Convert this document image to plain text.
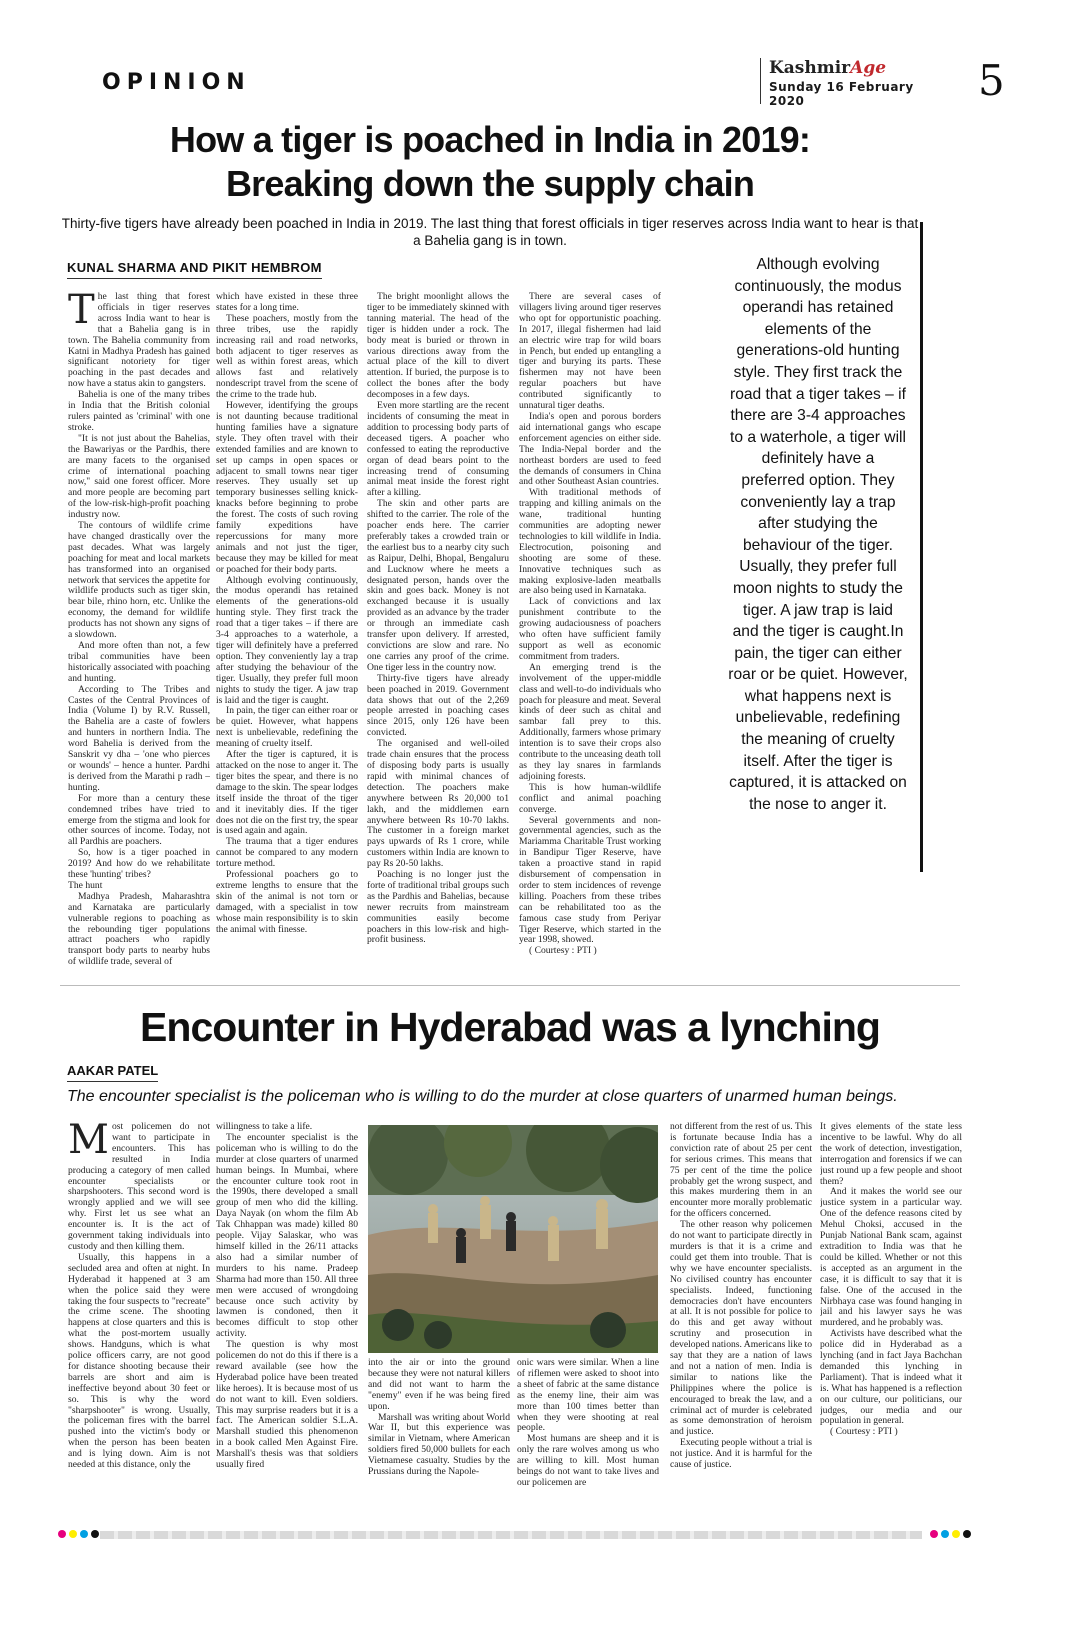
OPINION
KashmirAge
Sunday 16 February 2020	5
How a tiger is poached in India in 2019:
Breaking down the supply chain
Thirty-five tigers have already been poached in India in 2019. The last thing that forest officials in tiger reserves across India want to hear is that a Bahelia gang is in town.
KUNAL SHARMA AND PIKIT HEMBROM

The last thing that forest officials in tiger reserves across India want to hear is that a Bahelia gang is in town. The Bahelia community from Katni in Madhya Pradesh has gained significant notoriety for tiger poaching in the past decades and now have a status akin to gangsters.

Bahelia is one of the many tribes in India that the British colonial rulers painted as 'criminal' with one stroke.

"It is not just about the Bahelias, the Bawariyas or the Pardhis, there are many facets to the organised crime of international poaching now," said one forest officer. More and more people are becoming part of the low-risk-high-profit poaching industry now.

The contours of wildlife crime have changed drastically over the past decades. What was largely poaching for meat and local markets has transformed into an organised network that services the appetite for wildlife products such as tiger skin, bear bile, rhino horn, etc. Unlike the economy, the demand for wildlife products has not shown any signs of a slowdown.

And more often than not, a few tribal communities have been historically associated with poaching and hunting.

According to The Tribes and Castes of the Central Provinces of India (Volume I) by R.V. Russell, the Bahelia are a caste of fowlers and hunters in northern India. The word Bahelia is derived from the Sanskrit vy dha – 'one who pierces or wounds' – hence a hunter. Pardhi is derived from the Marathi p radh – hunting.

For more than a century these condemned tribes have tried to emerge from the stigma and look for other sources of income. Today, not all Pardhis are poachers.

So, how is a tiger poached in 2019? And how do we rehabilitate these 'hunting' tribes?

The hunt

Madhya Pradesh, Maharashtra and Karnataka are particularly vulnerable regions to poaching as the rebounding tiger populations attract poachers who rapidly transport body parts to nearby hubs of wildlife trade, several of

which have existed in these three states for a long time.

These poachers, mostly from the three tribes, use the rapidly increasing rail and road networks, both adjacent to tiger reserves as well as within forest areas, which allows fast and relatively nondescript travel from the scene of the crime to the trade hub.

However, identifying the groups is not daunting because traditional hunting families have a signature style. They often travel with their extended families and are known to set up camps in open spaces or adjacent to small towns near tiger reserves. They usually set up temporary businesses selling knick-knacks before beginning to probe the forest. The costs of such roving family expeditions have repercussions for many more animals and not just the tiger, because they may be killed for meat or poached for their body parts.

Although evolving continuously, the modus operandi has retained elements of the generations-old hunting style. They first track the road that a tiger takes – if there are 3-4 approaches to a waterhole, a tiger will definitely have a preferred option. They conveniently lay a trap after studying the behaviour of the tiger. Usually, they prefer full moon nights to study the tiger. A jaw trap is laid and the tiger is caught.

In pain, the tiger can either roar or be quiet. However, what happens next is unbelievable, redefining the meaning of cruelty itself.

After the tiger is captured, it is attacked on the nose to anger it. The tiger bites the spear, and there is no damage to the skin. The spear lodges itself inside the throat of the tiger and it inevitably dies. If the tiger does not die on the first try, the spear is used again and again.

The trauma that a tiger endures cannot be compared to any modern torture method.

Professional poachers go to extreme lengths to ensure that the skin of the animal is not torn or damaged, with a specialist in tow whose main responsibility is to skin the animal with finesse.

The bright moonlight allows the tiger to be immediately skinned with tanning material. The head of the tiger is hidden under a rock. The body meat is buried or thrown in various directions away from the actual place of the kill to divert attention. If buried, the purpose is to collect the bones after the body decomposes in a few days.

Even more startling are the recent incidents of consuming the meat in addition to processing body parts of deceased tigers. A poacher who confessed to eating the reproductive organ of dead bears point to the increasing trend of consuming animal meat inside the forest right after a killing.

The skin and other parts are shifted to the carrier. The role of the poacher ends here. The carrier preferably takes a crowded train or the earliest bus to a nearby city such as Raipur, Delhi, Bhopal, Bengaluru and Lucknow where he meets a designated person, hands over the skin and goes back. Money is not exchanged because it is usually provided as an advance by the trader or through an immediate cash transfer upon delivery. If arrested, convictions are slow and rare. No one carries any proof of the crime. One tiger less in the country now.

Thirty-five tigers have already been poached in 2019. Government data shows that out of the 2,269 people arrested in poaching cases since 2015, only 126 have been convicted.

The organised and well-oiled trade chain ensures that the process of disposing body parts is usually rapid with minimal chances of detection. The poachers make anywhere between Rs 20,000 to1 lakh, and the middlemen earn anywhere between Rs 10-70 lakhs. The customer in a foreign market pays upwards of Rs 1 crore, while customers within India are known to pay Rs 20-50 lakhs.

Poaching is no longer just the forte of traditional tribal groups such as the Pardhis and Bahelias, because newer recruits from mainstream communities easily become poachers in this low-risk and high-profit business.

There are several cases of villagers living around tiger reserves who opt for opportunistic poaching. In 2017, illegal fishermen had laid an electric wire trap for wild boars in Pench, but ended up entangling a tiger and burying its parts. These fishermen may not have been regular poachers but have contributed significantly to unnatural tiger deaths.

India's open and porous borders aid international gangs who escape enforcement agencies on either side. The India-Nepal border and the northeast borders are used to feed the demands of consumers in China and other Southeast Asian countries.

With traditional methods of trapping and killing animals on the wane, traditional hunting communities are adopting newer technologies to kill wildlife in India. Electrocution, poisoning and shooting are some of these. Innovative techniques such as making explosive-laden meatballs are also being used in Karnataka.

Lack of convictions and lax punishment contribute to the growing audaciousness of poachers who often have sufficient family support as well as economic commitment from traders.

An emerging trend is the involvement of the upper-middle class and well-to-do individuals who poach for pleasure and meat. Several kinds of deer such as chital and sambar fall prey to this. Additionally, farmers whose primary intention is to save their crops also contribute to the unceasing death toll as they lay snares in farmlands adjoining forests.

This is how human-wildlife conflict and animal poaching converge.

Several governments and non-governmental agencies, such as the Mariamma Charitable Trust working in Bandipur Tiger Reserve, have taken a proactive stand in rapid disbursement of compensation in order to stem incidences of revenge killing. Poachers from these tribes can be rehabilitated too as the famous case study from Periyar Tiger Reserve, which started in the year 1998, showed.

( Courtesy : PTI )

Although evolving continuously, the modus operandi has retained elements of the generations-old hunting style. They first track the road that a tiger takes – if there are 3-4 approaches to a waterhole, a tiger will definitely have a preferred option. They conveniently lay a trap after studying the behaviour of the tiger. Usually, they prefer full moon nights to study the tiger. A jaw trap is laid and the tiger is caught.In pain, the tiger can either roar or be quiet. However, what happens next is unbelievable, redefining the meaning of cruelty itself. After the tiger is captured, it is attacked on the nose to anger it.
Encounter in Hyderabad was a lynching
AAKAR PATEL
The encounter specialist is the policeman who is willing to do the murder at close quarters of unarmed human beings.

Most policemen do not want to participate in encounters. This has resulted in India producing a category of men called encounter specialists or sharpshooters. This second word is wrongly applied and we will see why. First let us see what an encounter is. It is the act of government taking individuals into custody and then killing them.

Usually, this happens in a secluded area and often at night. In Hyderabad it happened at 3 am when the police said they were taking the four suspects to "recreate" the crime scene. The shooting happens at close quarters and this is what the post-mortem usually shows. Handguns, which is what police officers carry, are not good for distance shooting because their barrels are short and aim is ineffective beyond about 30 feet or so. This is why the word "sharpshooter" is wrong. Usually, the policeman fires with the barrel pushed into the victim's body or when the person has been beaten and is lying down. Aim is not needed at this distance, only the

willingness to take a life.

The encounter specialist is the policeman who is willing to do the murder at close quarters of unarmed human beings. In Mumbai, where the encounter culture took root in the 1990s, there developed a small group of men who did the killing. Daya Nayak (on whom the film Ab Tak Chhappan was made) killed 80 people. Vijay Salaskar, who was himself killed in the 26/11 attacks also had a similar number of murders to his name. Pradeep Sharma had more than 150. All three men were accused of wrongdoing because once such activity by lawmen is condoned, then it becomes difficult to stop other activity.

The question is why most policemen do not do this if there is a reward available (see how the Hyderabad police have been treated like heroes). It is because most of us do not want to kill. Even soldiers. This may surprise readers but it is a fact. The American soldier S.L.A. Marshall studied this phenomenon in a book called Men Against Fire. Marshall's thesis was that soldiers usually fired

into the air or into the ground because they were not natural killers and did not want to harm the "enemy" even if he was being fired upon.

Marshall was writing about World War II, but this experience was similar in Vietnam, where American soldiers fired 50,000 bullets for each Vietnamese casualty. Studies by the Prussians during the Napole-

onic wars were similar. When a line of riflemen were asked to shoot into a sheet of fabric at the same distance as the enemy line, their aim was more than 100 times better than when they were shooting at real people.

Most humans are sheep and it is only the rare wolves among us who are willing to kill. Most human beings do not want to take lives and our policemen are

not different from the rest of us. This is fortunate because India has a conviction rate of about 25 per cent for serious crimes. This means that 75 per cent of the time the police probably get the wrong suspect, and this makes murdering them in an encounter more morally problematic for the officers concerned.

The other reason why policemen do not want to participate directly in murders is that it is a crime and could get them into trouble. That is why we have encounter specialists. No civilised country has encounter specialists. Indeed, functioning democracies don't have encounters at all. It is not possible for police to do this and get away without scrutiny and prosecution in developed nations. Americans like to say that they are a nation of laws and not a nation of men. India is similar to nations like the Philippines where the police is encouraged to break the law, and a criminal act of murder is celebrated as some demonstration of heroism and justice.

Executing people without a trial is not justice. And it is harmful for the cause of justice.

It gives elements of the state less incentive to be lawful. Why do all the work of detection, investigation, interrogation and forensics if we can just round up a few people and shoot them?

And it makes the world see our justice system in a particular way. One of the defence reasons cited by Mehul Choksi, accused in the Punjab National Bank scam, against extradition to India was that he could be killed. Whether or not this is accepted as an argument in the case, it is difficult to say that it is false. One of the accused in the Nirbhaya case was found hanging in jail and his lawyer says he was murdered, and he probably was.

Activists have described what the police did in Hyderabad as a lynching (and in fact Jaya Bachchan demanded this lynching in Parliament). That is indeed what it is. What has happened is a reflection on our culture, our politicians, our judges, our media and our population in general.

( Courtesy : PTI )
